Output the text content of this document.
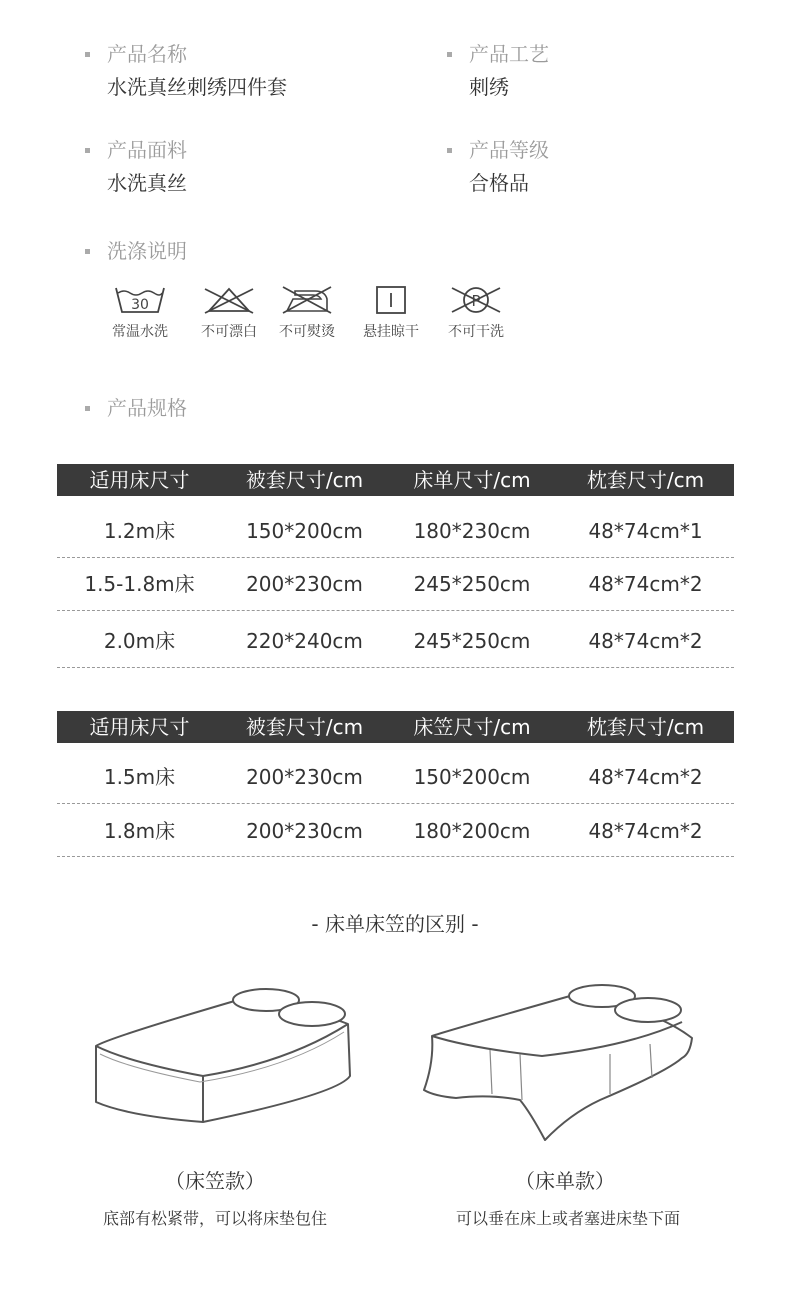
产品名称
水洗真丝刺绣四件套
产品工艺
刺绣
产品面料
水洗真丝
产品等级
合格品
洗涤说明
30
常温水洗	不可漂白	不可熨烫	悬挂晾干	不可干洗
产品规格
适用床尺寸	被套尺寸/cm	床单尺寸/cm	枕套尺寸/cm
1.2m床	150*200cm	180*230cm	48*74cm*1
1.5-1.8m床	200*230cm	245*250cm	48*74cm*2
2.0m床	220*240cm	245*250cm	48*74cm*2
适用床尺寸	被套尺寸/cm	床笠尺寸/cm	枕套尺寸/cm
1.5m床	200*230cm	150*200cm	48*74cm*2
1.8m床	200*230cm	180*200cm	48*74cm*2
- 床单床笠的区别 -
（床笠款）	（床单款）
底部有松紧带，可以将床垫包住	可以垂在床上或者塞进床垫下面
